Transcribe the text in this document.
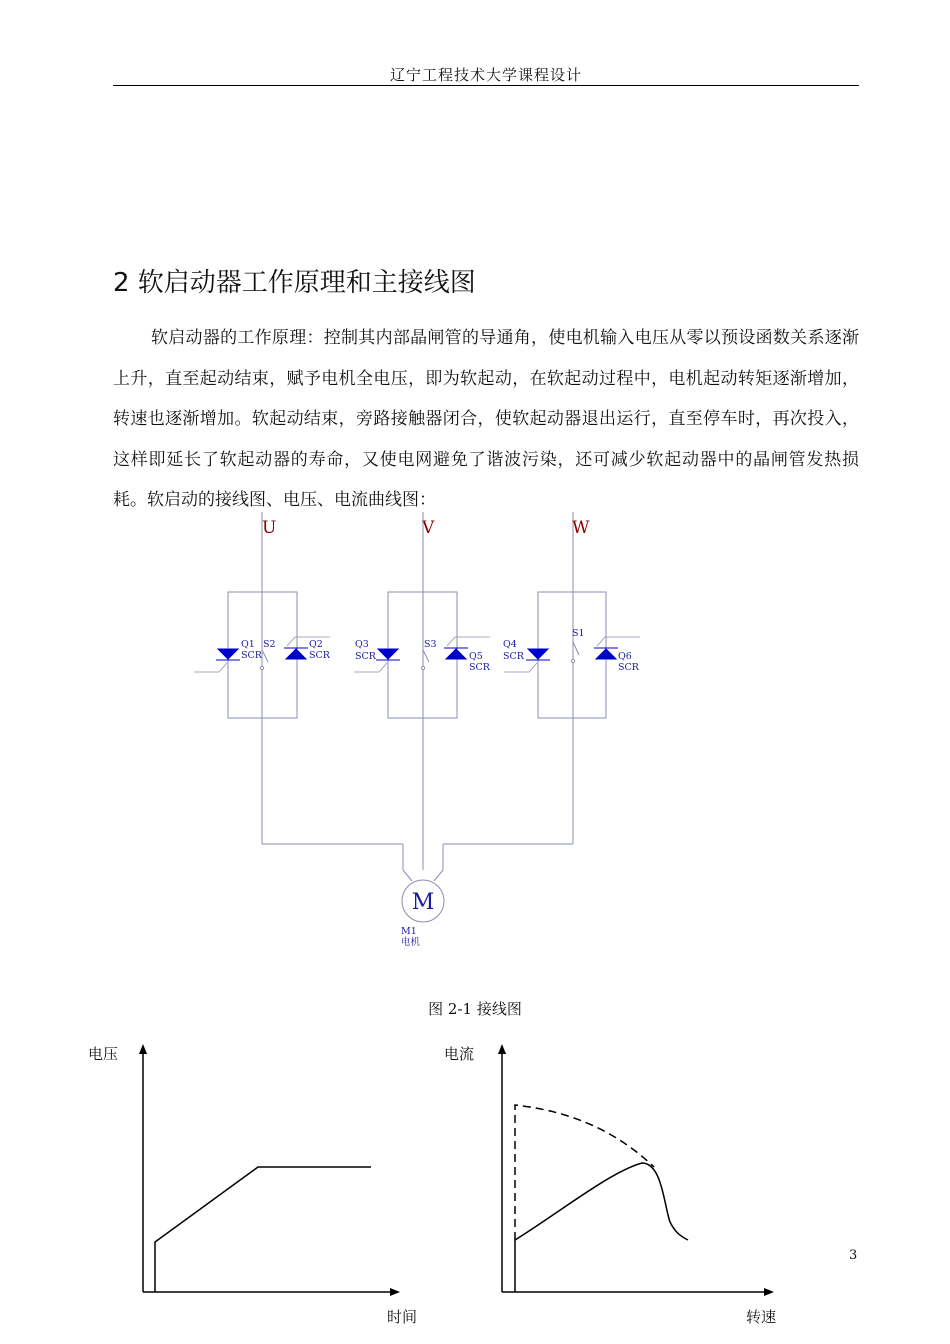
辽宁工程技术大学课程设计
2 软启动器工作原理和主接线图
软启动器的工作原理：控制其内部晶闸管的导通角，使电机输入电压从零以预设函数关系逐渐上升，直至起动结束，赋予电机全电压，即为软起动，在软起动过程中，电机起动转矩逐渐增加，转速也逐渐增加。软起动结束，旁路接触器闭合，使软起动器退出运行，直至停车时，再次投入，这样即延长了软起动器的寿命，又使电网避免了谐波污染，还可减少软起动器中的晶闸管发热损耗。软启动的接线图、电压、电流曲线图：
U	V	W
Q1
SCR
S2	Q2
SCR
Q3
SCR
S3
Q5
SCR
Q4
SCR
S1
Q6
SCR
M
M1
电机
电压
时间
电流
转速
图 2-1 接线图
3
